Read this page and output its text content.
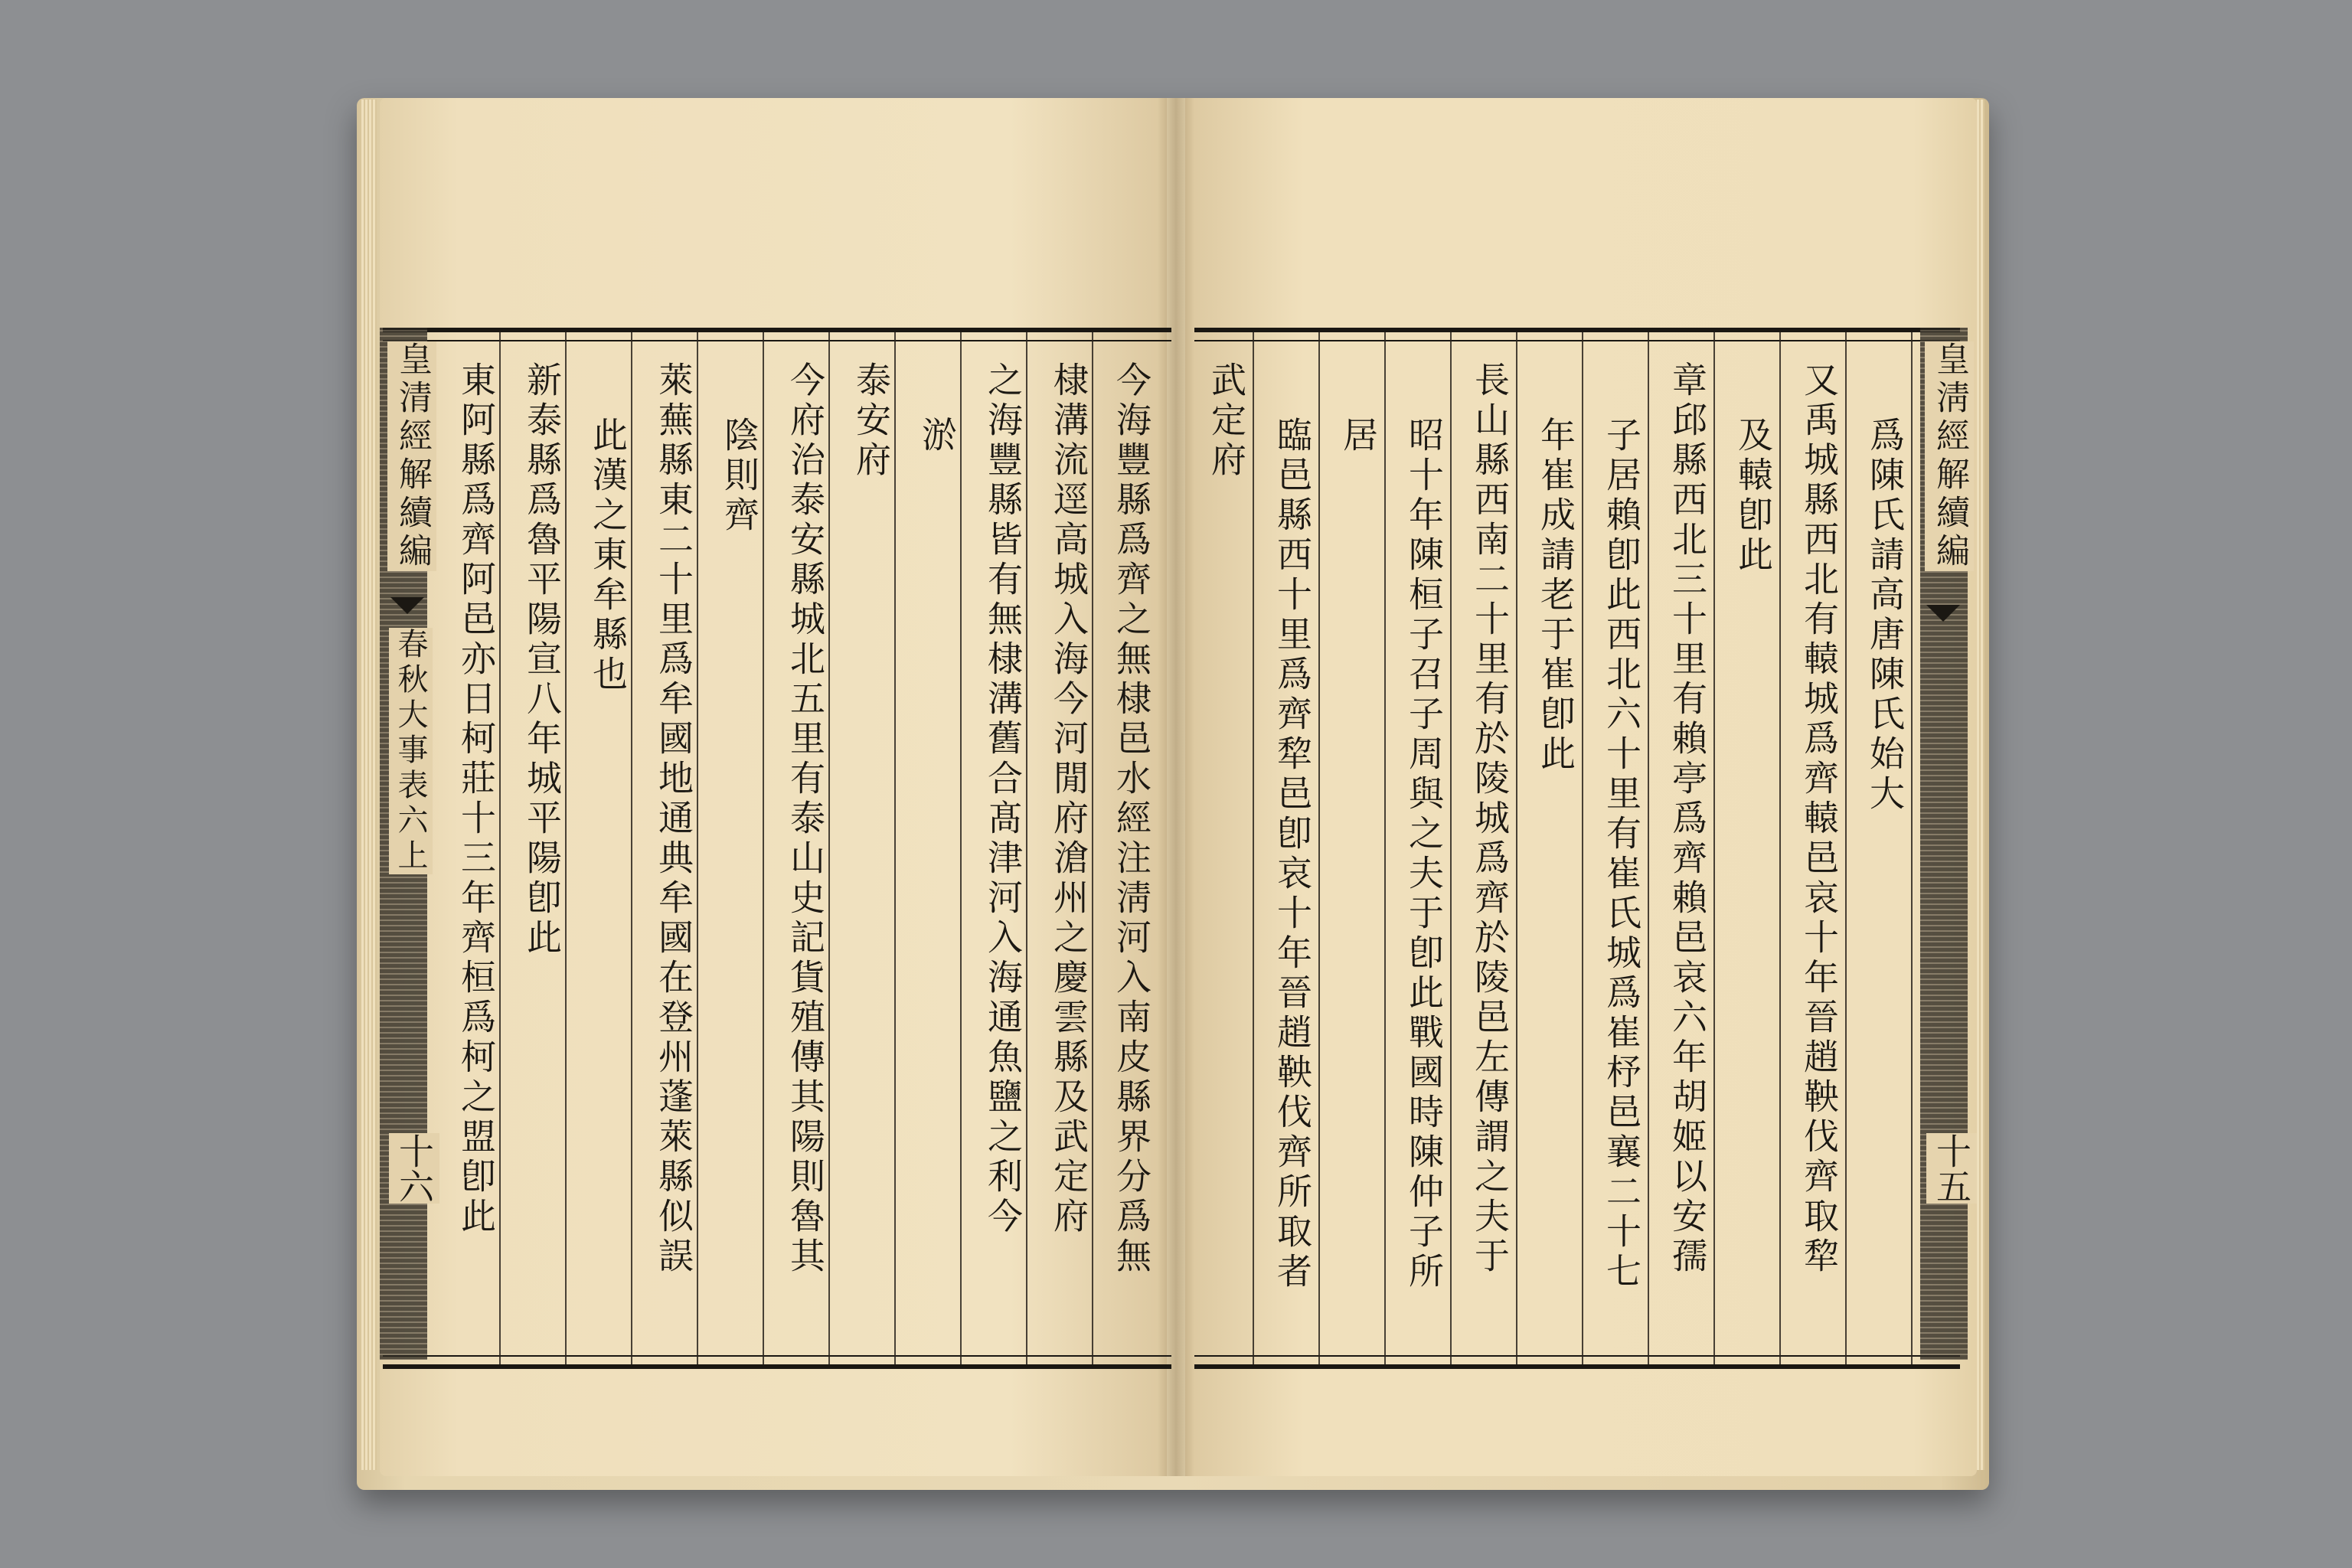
今海豐縣爲齊之無棣邑水經注淸河入南皮縣界分爲無
棣溝流逕高城入海今河閒府滄州之慶雲縣及武定府
之海豐縣皆有無棣溝舊合髙津河入海通魚鹽之利今
淤
泰安府
今府治泰安縣城北五里有泰山史記貨殖傳其陽則魯其
陰則齊
萊蕪縣東二十里爲牟國地通典牟國在登州蓬萊縣似誤
此漢之東牟縣也
新泰縣爲魯平陽宣八年城平陽卽此
東阿縣爲齊阿邑亦日柯莊十三年齊桓爲柯之盟卽此
皇清經解續編
春秋大事表六上
十六
爲陳氏請高唐陳氏始大
又禹城縣西北有轅城爲齊轅邑哀十年晉趙鞅伐齊取犂
及轅卽此
章邱縣西北三十里有賴亭爲齊賴邑哀六年胡姬以安孺
子居賴卽此西北六十里有崔氏城爲崔杼邑襄二十七
年崔成請老于崔卽此
長山縣西南二十里有於陵城爲齊於陵邑左傳謂之夫于
昭十年陳桓子召子周與之夫于卽此戰國時陳仲子所
居
臨邑縣西十里爲齊犂邑卽哀十年晉趙鞅伐齊所取者
武定府	皇淸經解續編
十五
